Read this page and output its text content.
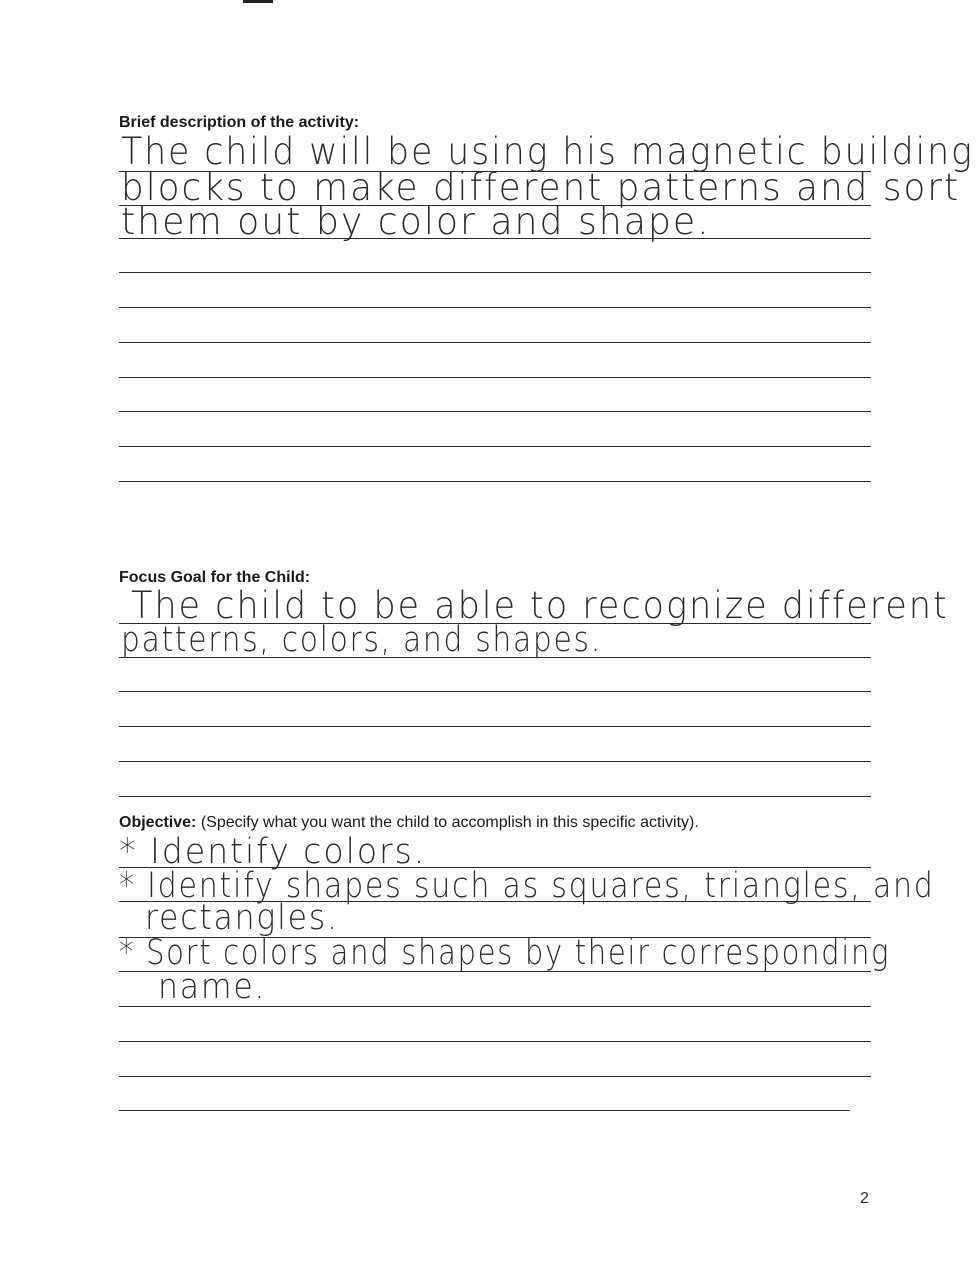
Brief description of the activity:
The child will be using his magnetic building
blocks to make different patterns and sort
them out by color and shape.
Focus Goal for the Child:
The child to be able to recognize different
patterns, colors, and shapes.
Objective: (Specify what you want the child to accomplish in this specific activity).
* Identify colors.
* Identify shapes such as squares, triangles, and
rectangles.
* Sort colors and shapes by their corresponding
name.
2
